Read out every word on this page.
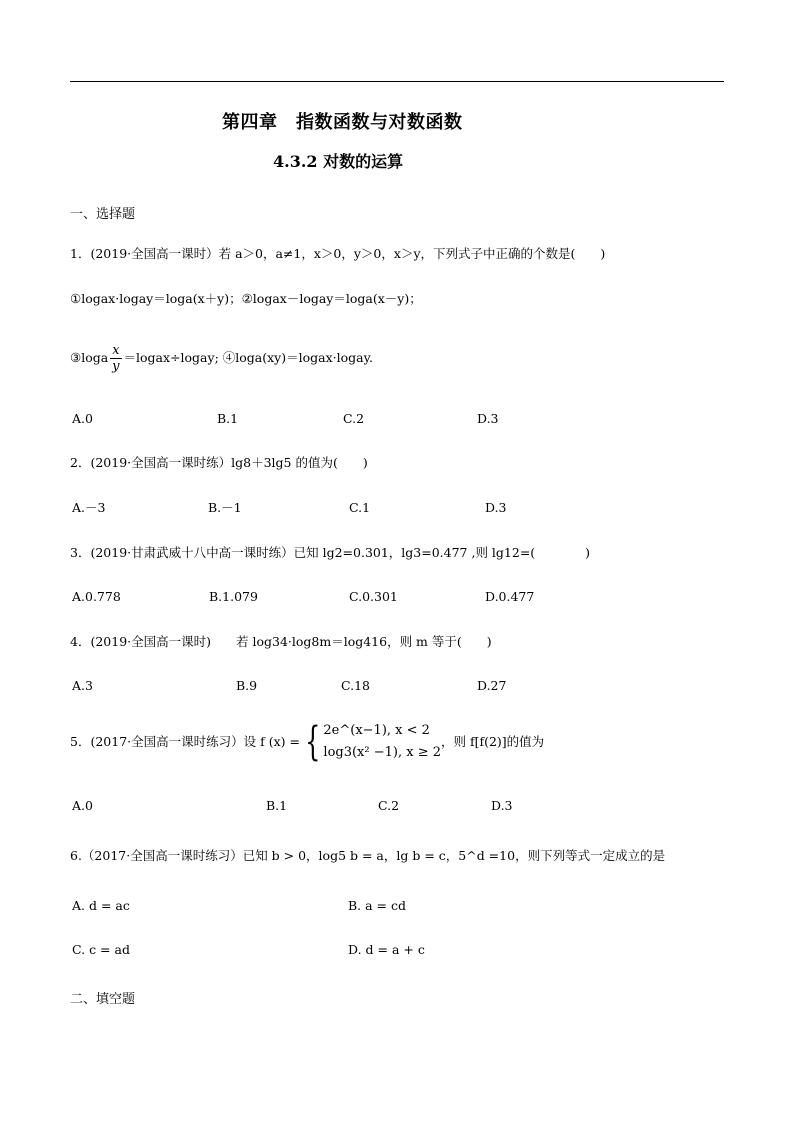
第四章　指数函数与对数函数
4.3.2 对数的运算
一、选择题
1．(2019·全国高一课时）若 a＞0，a≠1，x＞0，y＞0，x＞y，下列式子中正确的个数是(　　)
①logax·logay＝loga(x＋y)；②logax－logay＝loga(x－y)；
③loga $\frac{x}{y}$ ＝logax÷logay; ④loga(xy)＝logax·logay.
A.0	B.1	C.2	D.3
2．(2019·全国高一课时练）lg8＋3lg5 的值为(　　)
A.－3	B.－1	C.1	D.3
3．(2019·甘肃武威十八中高一课时练）已知 lg2=0.301，lg3=0.477 ,则 lg12=(　　　　)
A.0.778	B.1.079	C.0.301	D.0.477
4．(2019·全国高一课时)　　若 log34·log8m＝log416，则 m 等于(　　)
A.3	B.9	C.18	D.27
5．(2017·全国高一课时练习）设 f (x) = { 2e^(x−1), x < 2
log3(x² −1), x ≥ 2
，则 f[f(2)]的值为
A.0	B.1	C.2	D.3
6.（2017·全国高一课时练习）已知 b > 0，log5 b = a，lg b = c，5^d =10，则下列等式一定成立的是
A. d = ac	B. a = cd
C. c = ad	D. d = a + c
二、填空题
